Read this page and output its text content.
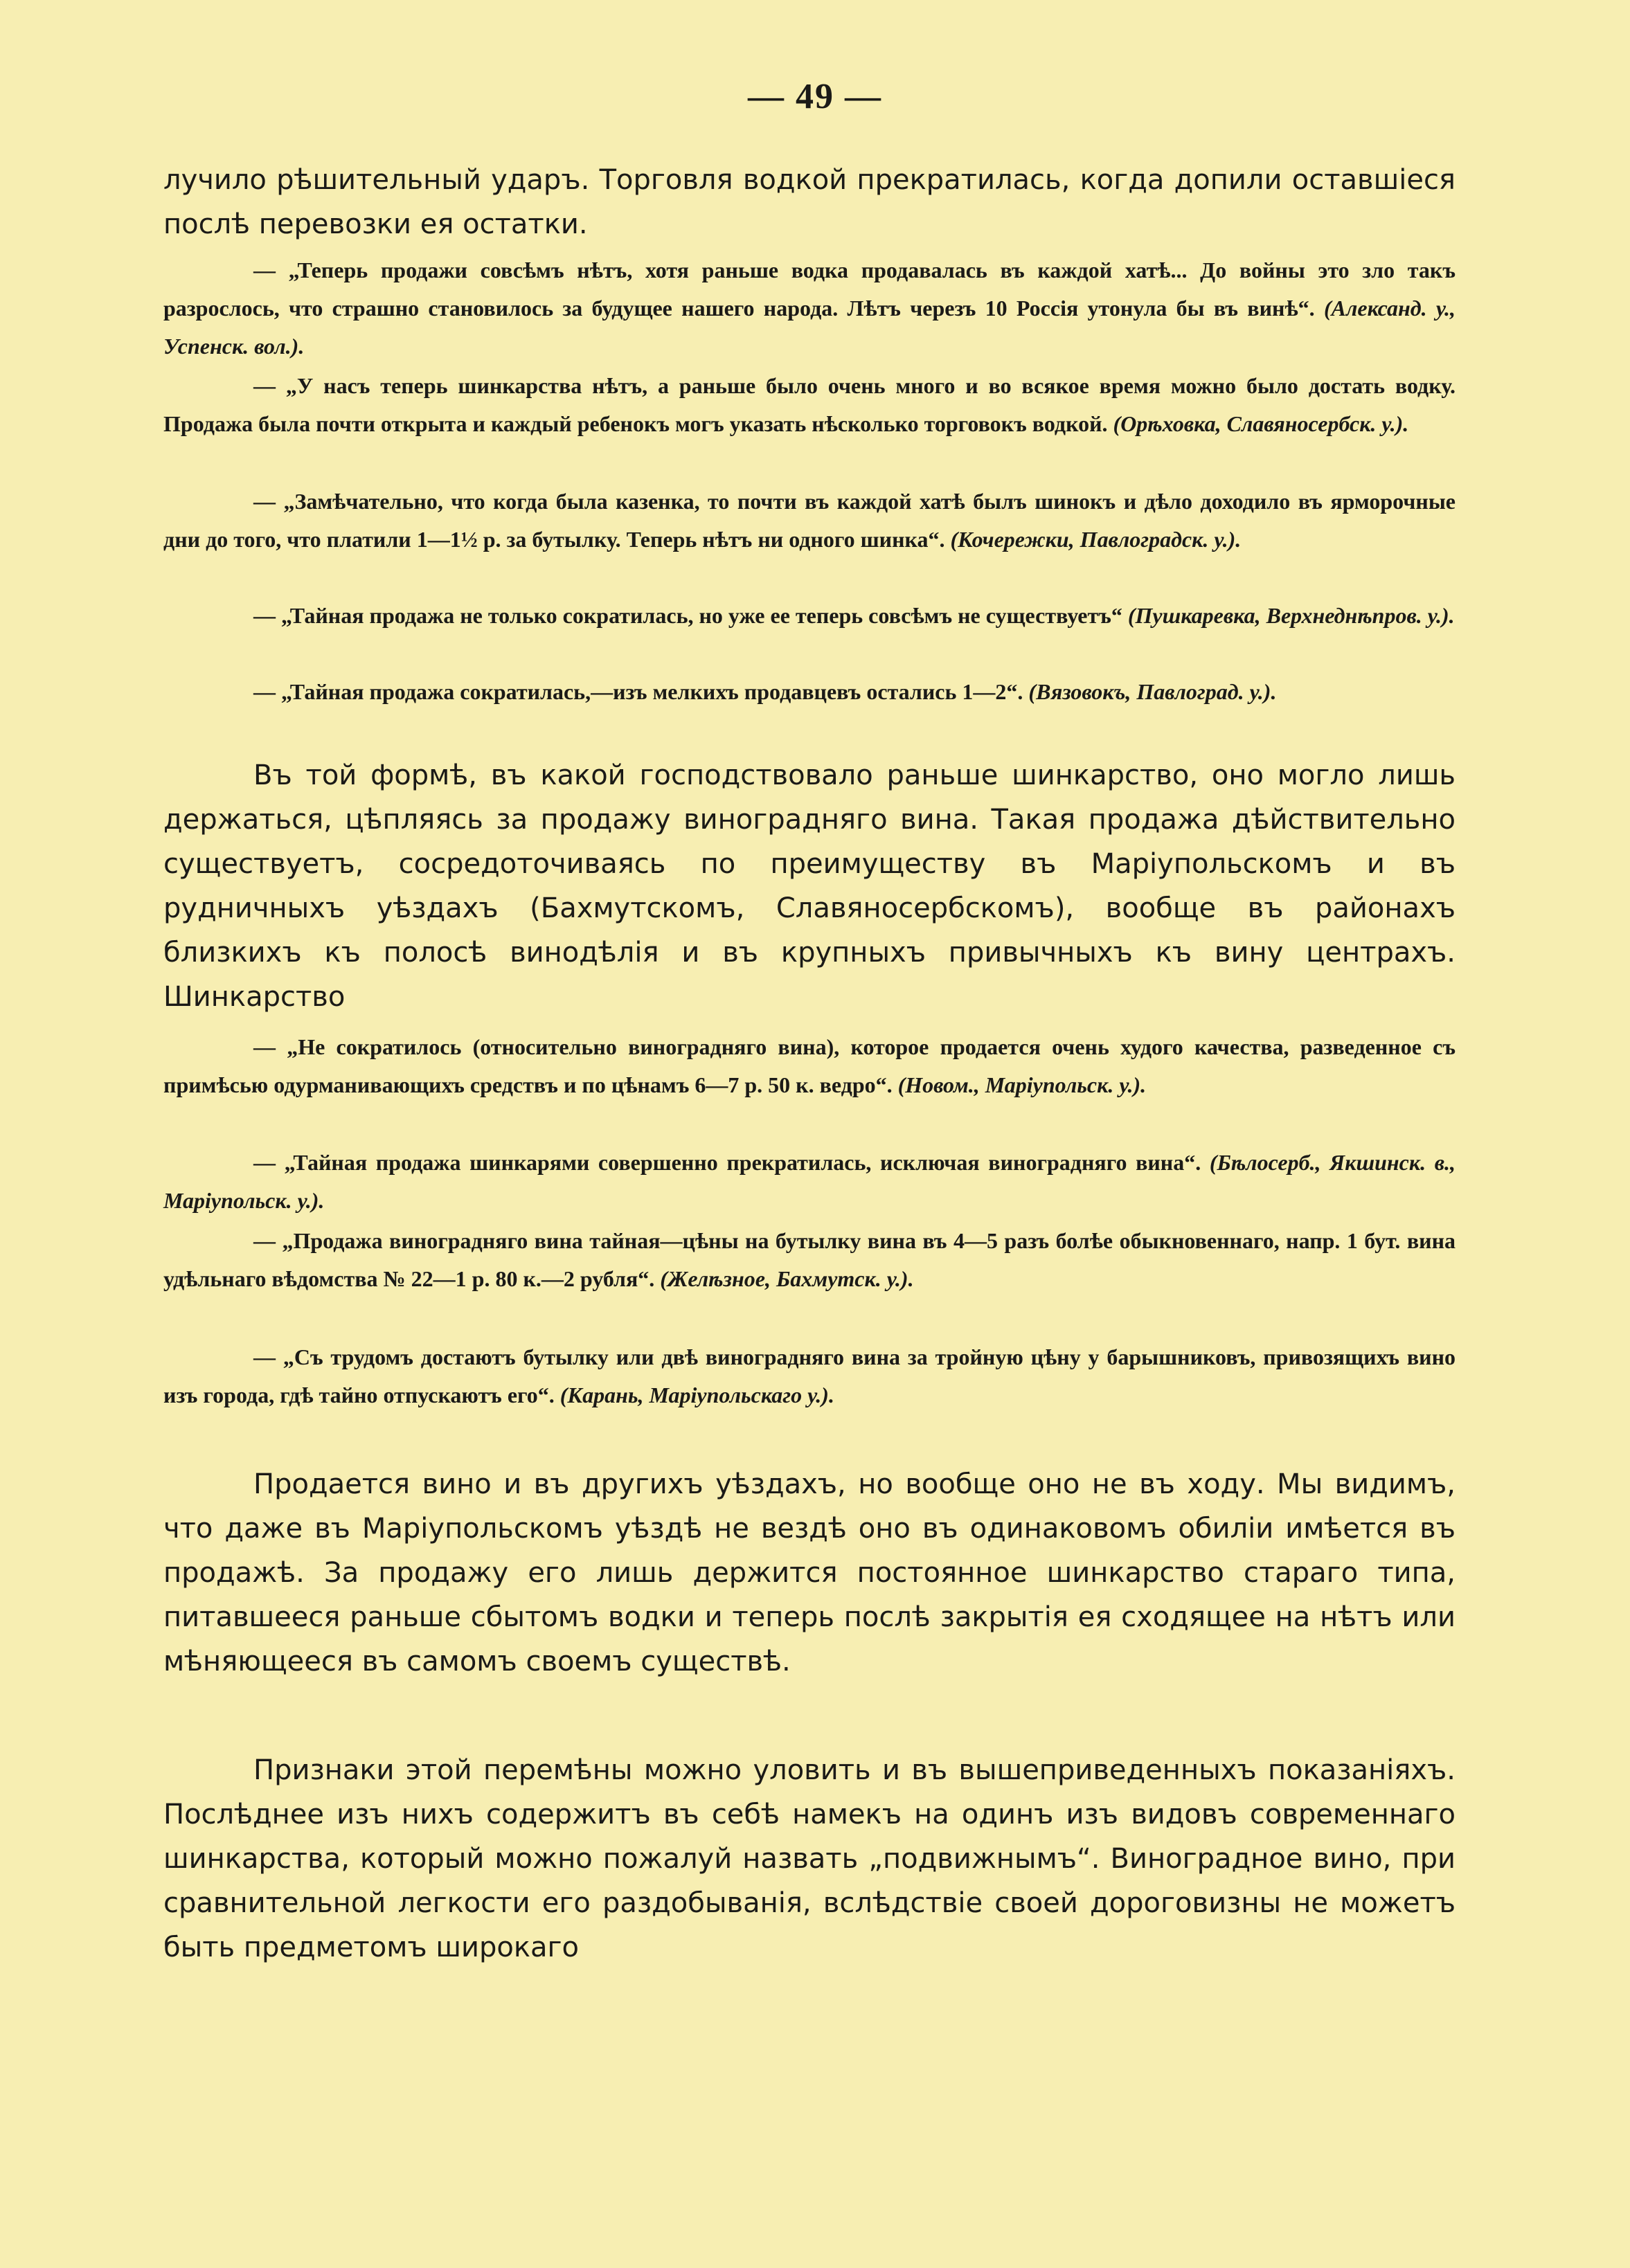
— 49 —

лучило рѣшительный ударъ. Торговля водкой прекратилась, когда допили оставшіеся послѣ перевозки ея остатки.

— „Теперь продажи совсѣмъ нѣтъ, хотя раньше водка продавалась въ каждой хатѣ... До войны это зло такъ разрослось, что страшно становилось за будущее нашего народа. Лѣтъ черезъ 10 Россія утонула бы въ винѣ“. (Александ. у., Успенск. вол.).

— „У насъ теперь шинкарства нѣтъ, а раньше было очень много и во всякое время можно было достать водку. Продажа была почти открыта и каждый ребенокъ могъ указать нѣсколько торговокъ водкой. (Орѣховка, Славяносербск. у.).

— „Замѣчательно, что когда была казенка, то почти въ каждой хатѣ былъ шинокъ и дѣло доходило въ ярморочные дни до того, что платили 1—1½ р. за бутылку. Теперь нѣтъ ни одного шинка“. (Кочережки, Павлоградск. у.).

— „Тайная продажа не только сократилась, но уже ее теперь совсѣмъ не существуетъ“ (Пушкаревка, Верхнеднѣпров. у.).

— „Тайная продажа сократилась,—изъ мелкихъ продавцевъ остались 1—2“. (Вязовокъ, Павлоград. у.).

Въ той формѣ, въ какой господствовало раньше шинкарство, оно могло лишь держаться, цѣпляясь за продажу виноградняго вина. Такая продажа дѣйствительно существуетъ, сосредоточиваясь по преимуществу въ Маріупольскомъ и въ рудничныхъ уѣздахъ (Бахмутскомъ, Славяносербскомъ), вообще въ районахъ близкихъ къ полосѣ винодѣлія и въ крупныхъ привычныхъ къ вину центрахъ. Шинкарство

— „Не сократилось (относительно виноградняго вина), которое продается очень худого качества, разведенное съ примѣсью одурманивающихъ средствъ и по цѣнамъ 6—7 р. 50 к. ведро“. (Новом., Маріупольск. у.).

— „Тайная продажа шинкарями совершенно прекратилась, исключая виноградняго вина“. (Бѣлосерб., Якшинск. в., Маріупольск. у.).

— „Продажа виноградняго вина тайная—цѣны на бутылку вина въ 4—5 разъ болѣе обыкновеннаго, напр. 1 бут. вина удѣльнаго вѣдомства № 22—1 р. 80 к.—2 рубля“. (Желѣзное, Бахмутск. у.).

— „Съ трудомъ достаютъ бутылку или двѣ виноградняго вина за тройную цѣну у барышниковъ, привозящихъ вино изъ города, гдѣ тайно отпускаютъ его“. (Карань, Маріупольскаго у.).

Продается вино и въ другихъ уѣздахъ, но вообще оно не въ ходу. Мы видимъ, что даже въ Маріупольскомъ уѣздѣ не вездѣ оно въ одинаковомъ обиліи имѣется въ продажѣ. За продажу его лишь держится постоянное шинкарство стараго типа, питавшееся раньше сбытомъ водки и теперь послѣ закрытія ея сходящее на нѣтъ или мѣняющееся въ самомъ своемъ существѣ.

Признаки этой перемѣны можно уловить и въ вышеприведенныхъ показаніяхъ. Послѣднее изъ нихъ содержитъ въ себѣ намекъ на одинъ изъ видовъ современнаго шинкарства, который можно пожалуй назвать „подвижнымъ“. Виноградное вино, при сравнительной легкости его раздобыванія, вслѣдствіе своей дороговизны не можетъ быть предметомъ широкаго
